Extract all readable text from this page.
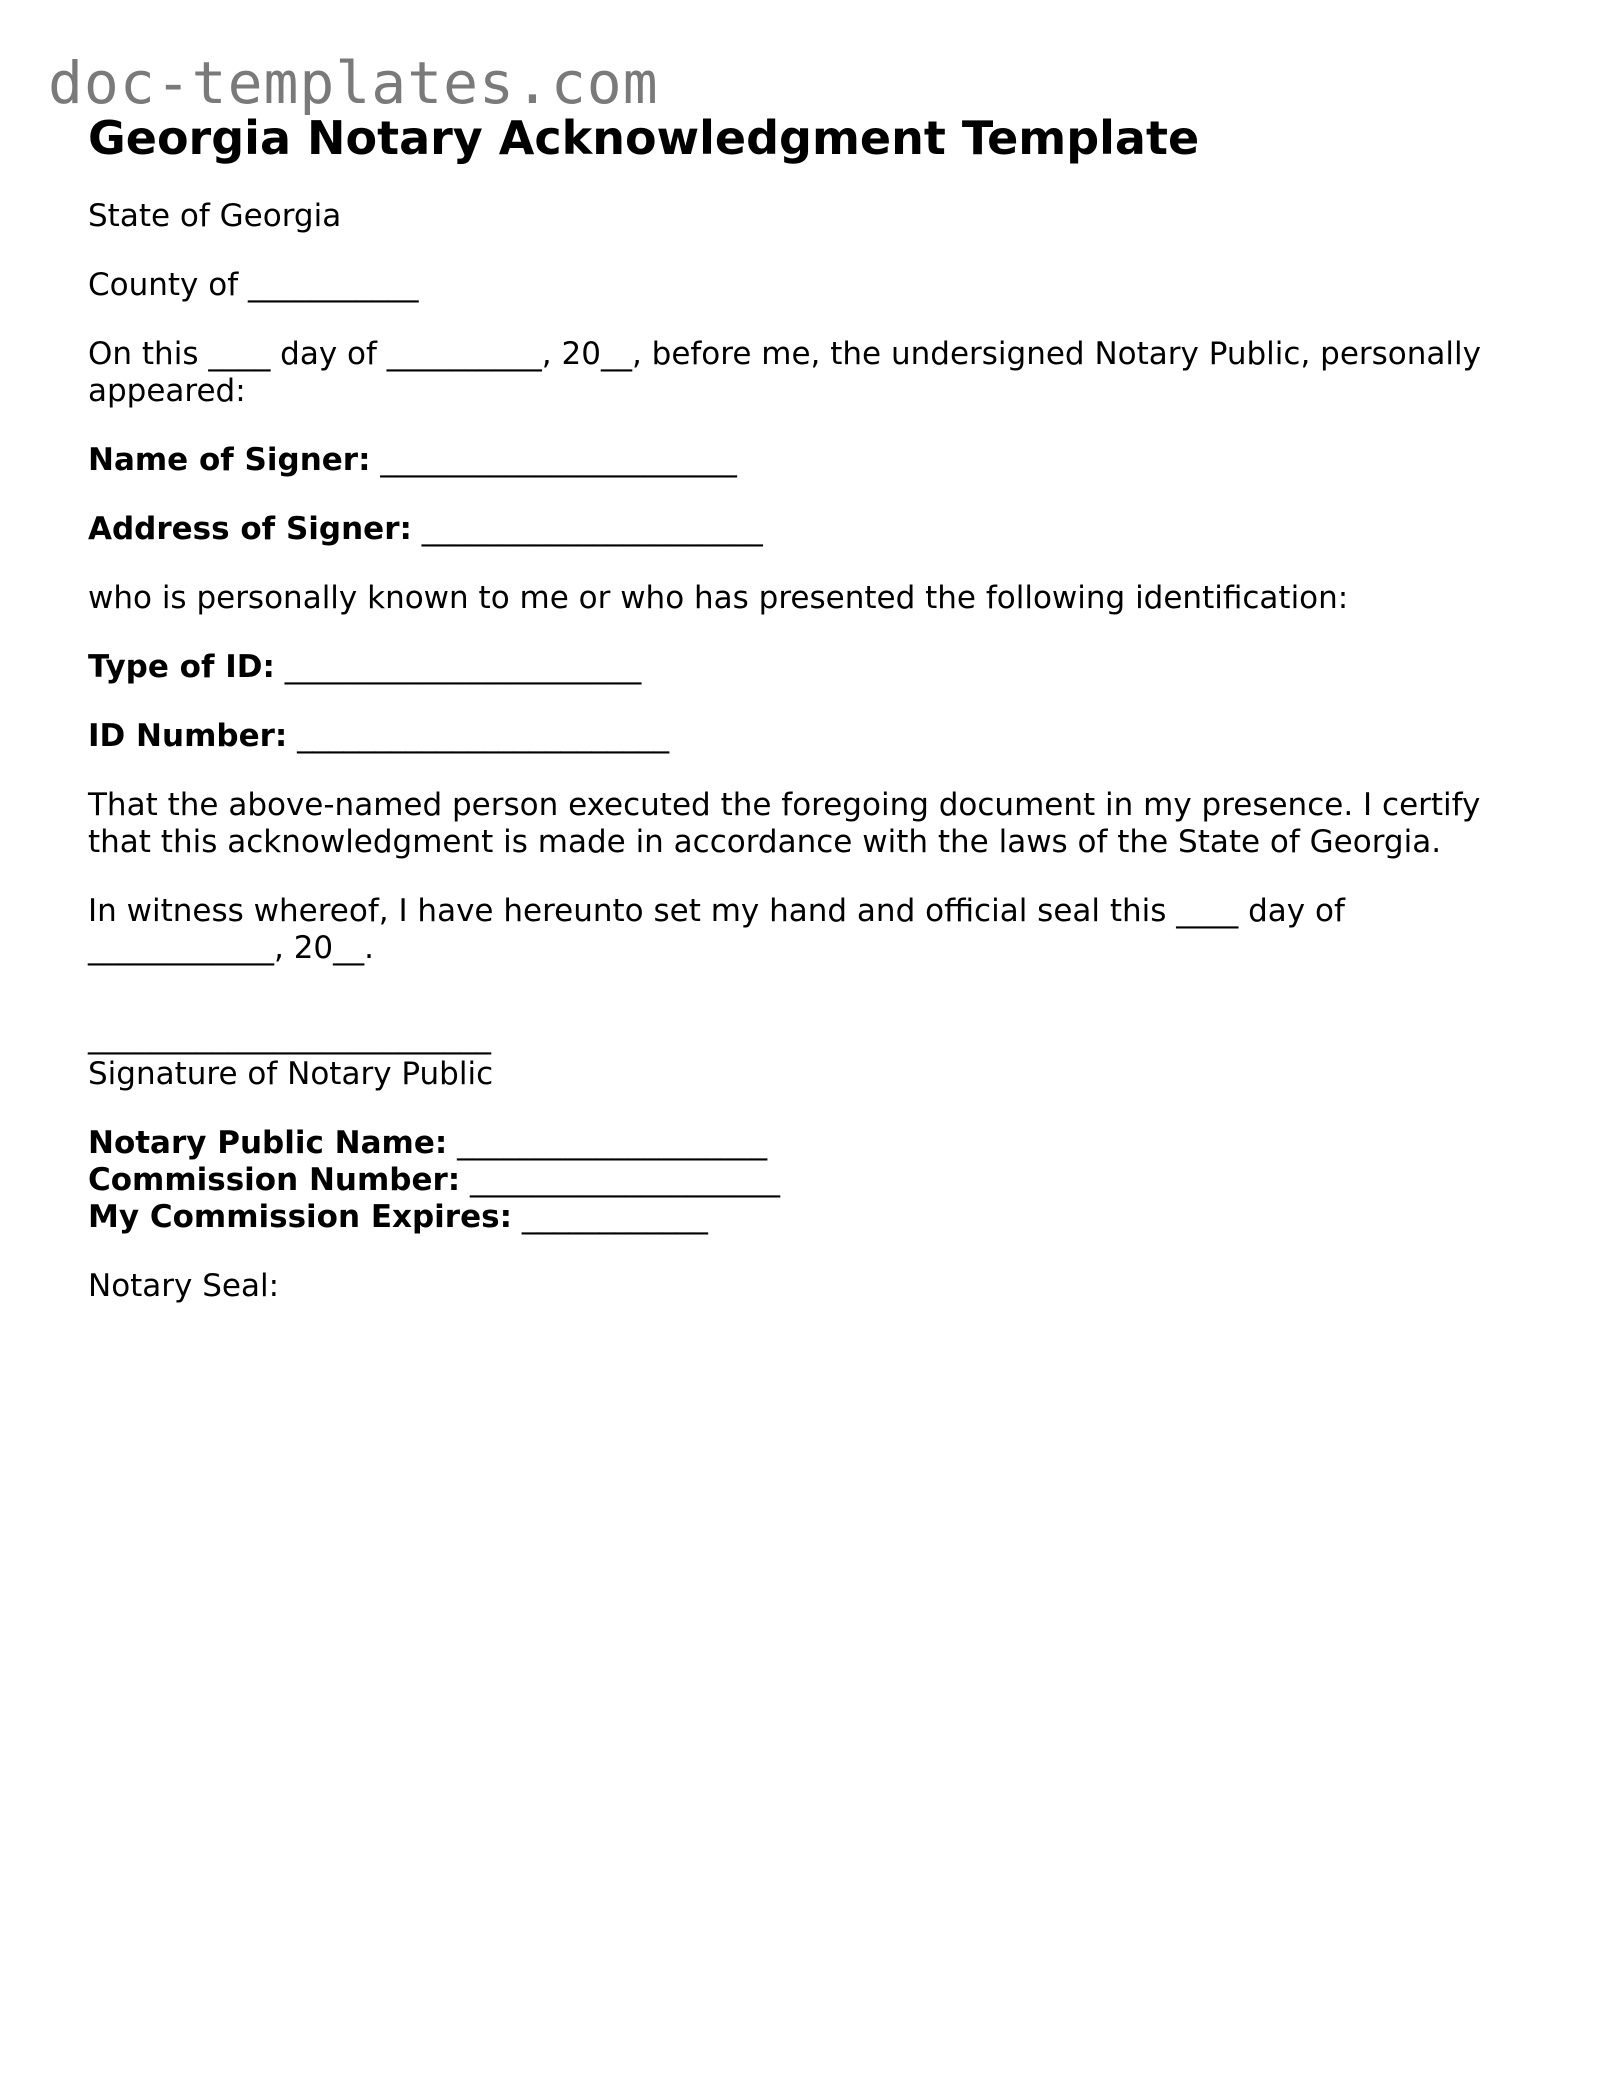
doc-templates.com
Georgia Notary Acknowledgment Template

State of Georgia

County of ___________

On this ____ day of __________, 20__, before me, the undersigned Notary Public, personally appeared:

Name of Signer: _______________________

Address of Signer: ______________________

who is personally known to me or who has presented the following identification:

Type of ID: _______________________

ID Number: ________________________

That the above-named person executed the foregoing document in my presence. I certify that this acknowledgment is made in accordance with the laws of the State of Georgia.

In witness whereof, I have hereunto set my hand and official seal this ____ day of ____________, 20__.

__________________________

Signature of Notary Public

Notary Public Name: ____________________

Commission Number: ____________________

My Commission Expires: ____________

Notary Seal:
